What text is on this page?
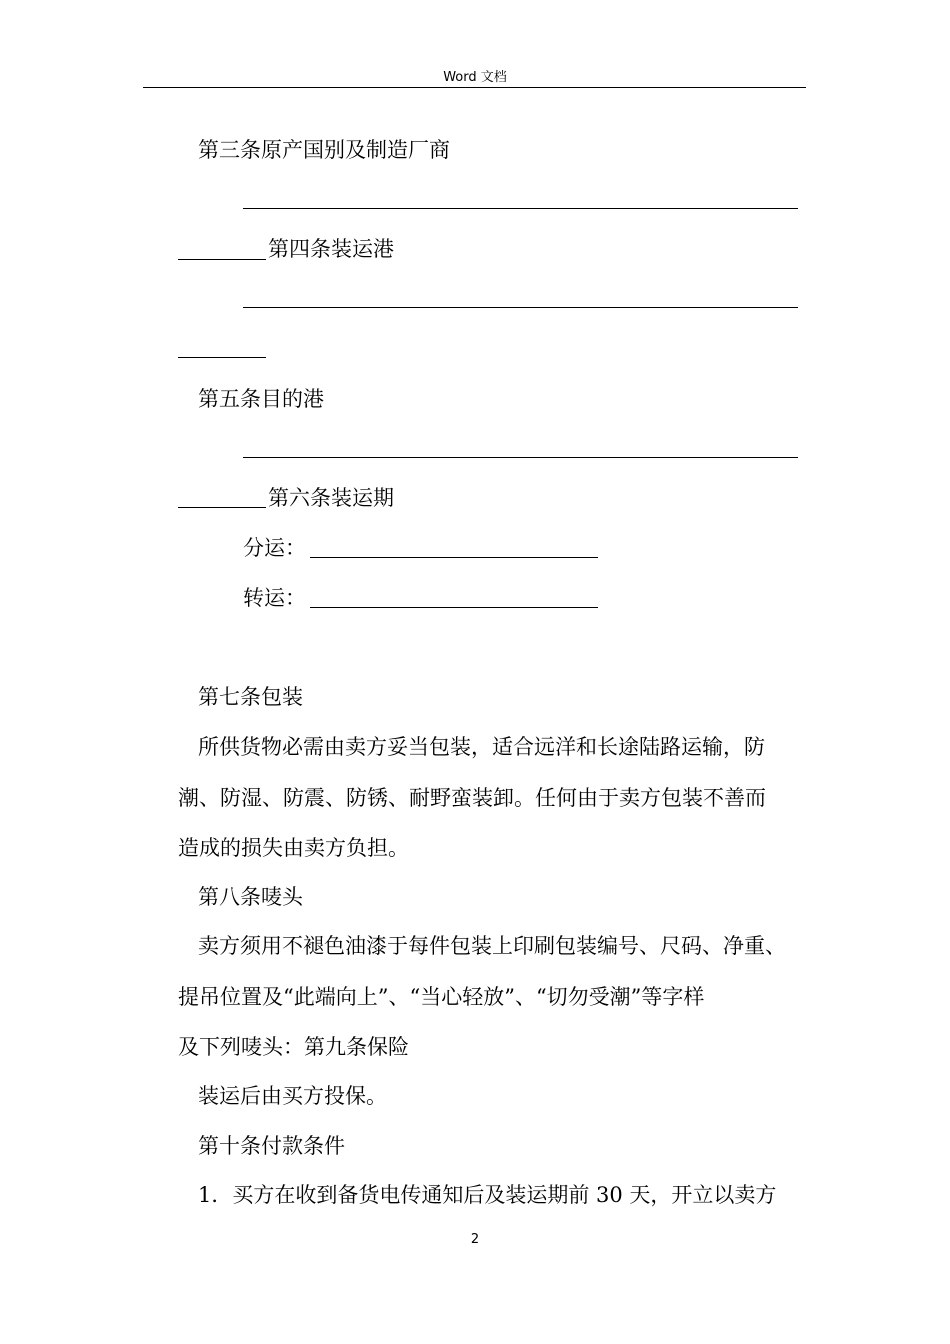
Word 文档
第三条原产国别及制造厂商
第四条装运港
第五条目的港
第六条装运期
分运：
转运：
第七条包装
所供货物必需由卖方妥当包装，适合远洋和长途陆路运输，防
潮、防湿、防震、防锈、耐野蛮装卸。任何由于卖方包装不善而
造成的损失由卖方负担。
第八条唛头
卖方须用不褪色油漆于每件包装上印刷包装编号、尺码、净重、
提吊位置及“此端向上”、“当心轻放”、“切勿受潮”等字样
及下列唛头：第九条保险
装运后由买方投保。
第十条付款条件
1．买方在收到备货电传通知后及装运期前 30 天，开立以卖方
2
